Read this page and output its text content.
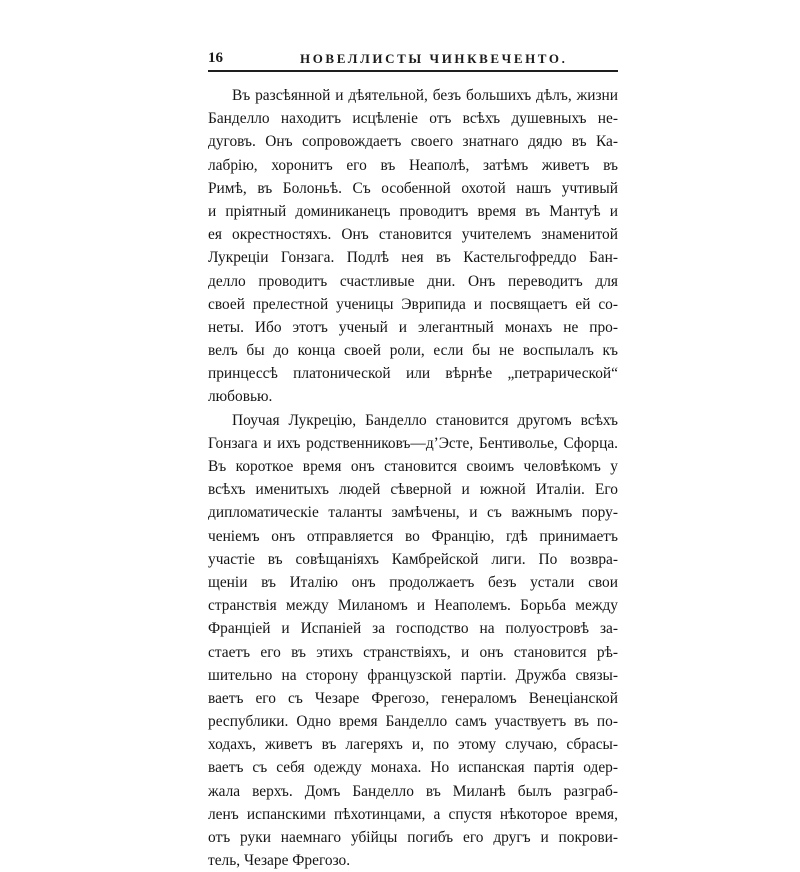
16	НОВЕЛЛИСТЫ ЧИНКВЕЧЕНТО.
Въ разсѣянной и дѣятельной, безъ большихъ дѣлъ, жизни
Банделло находитъ исцѣленіе отъ всѣхъ душевныхъ не-
дуговъ. Онъ сопровождаетъ своего знатнаго дядю въ Ка-
лабрію, хоронитъ его въ Неаполѣ, затѣмъ живетъ въ
Римѣ, въ Болоньѣ. Съ особенной охотой нашъ учтивый
и пріятный доминиканецъ проводитъ время въ Мантуѣ и
ея окрестностяхъ. Онъ становится учителемъ знаменитой
Лукреціи Гонзага. Подлѣ нея въ Кастельгофреддо Бан-
делло проводитъ счастливые дни. Онъ переводитъ для
своей прелестной ученицы Эврипида и посвящаетъ ей со-
неты. Ибо этотъ ученый и элегантный монахъ не про-
велъ бы до конца своей роли, если бы не воспылалъ къ
принцессѣ платонической или вѣрнѣе „петрарической“
любовью.
Поучая Лукрецію, Банделло становится другомъ всѣхъ
Гонзага и ихъ родственниковъ—д’Эсте, Бентиволье, Сфорца.
Въ короткое время онъ становится своимъ человѣкомъ у
всѣхъ именитыхъ людей сѣверной и южной Италіи. Его
дипломатическіе таланты замѣчены, и съ важнымъ пору-
ченіемъ онъ отправляется во Францію, гдѣ принимаетъ
участіе въ совѣщаніяхъ Камбрейской лиги. По возвра-
щеніи въ Италію онъ продолжаетъ безъ устали свои
странствія между Миланомъ и Неаполемъ. Борьба между
Франціей и Испаніей за господство на полуостровѣ за-
стаетъ его въ этихъ странствіяхъ, и онъ становится рѣ-
шительно на сторону французской партіи. Дружба связы-
ваетъ его съ Чезаре Фрегозо, генераломъ Венеціанской
республики. Одно время Банделло самъ участвуетъ въ по-
ходахъ, живетъ въ лагеряхъ и, по этому случаю, сбрасы-
ваетъ съ себя одежду монаха. Но испанская партія одер-
жала верхъ. Домъ Банделло въ Миланѣ былъ разграб-
ленъ испанскими пѣхотинцами, а спустя нѣкоторое время,
отъ руки наемнаго убійцы погибъ его другъ и покрови-
тель, Чезаре Фрегозо.
